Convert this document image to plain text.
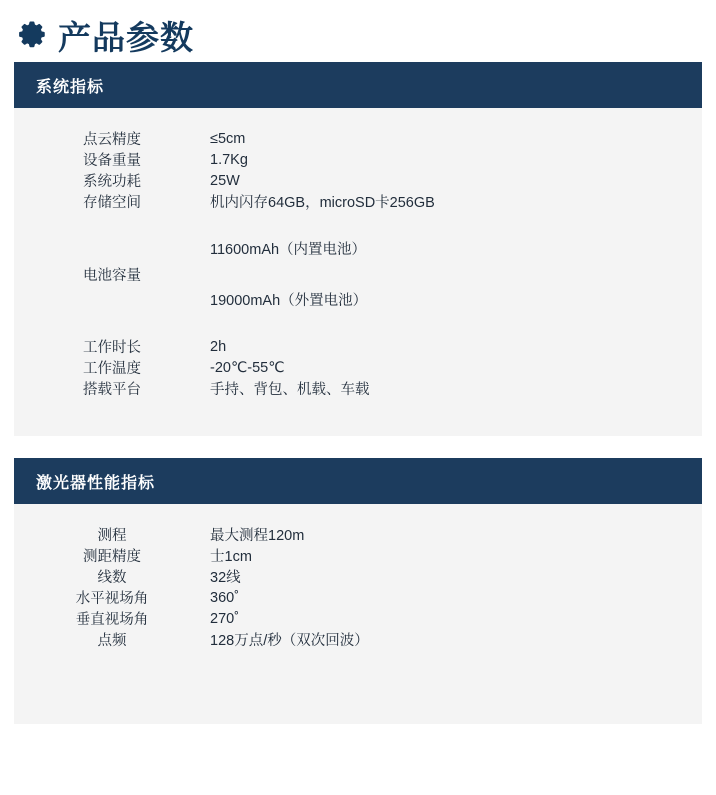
产品参数
系统指标
点云精度	≤5cm
设备重量	1.7Kg
系统功耗	25W
存储空间	机内闪存64GB，microSD卡256GB
电池容量	11600mAh（内置电池）

19000mAh（外置电池）

工作时长	2h
工作温度	-20℃-55℃
搭载平台	手持、背包、机载、车载
激光器性能指标
测程	最大测程120m
测距精度	士1cm
线数	32线
水平视场角	360˚
垂直视场角	270˚
点频	128万点/秒（双次回波）
